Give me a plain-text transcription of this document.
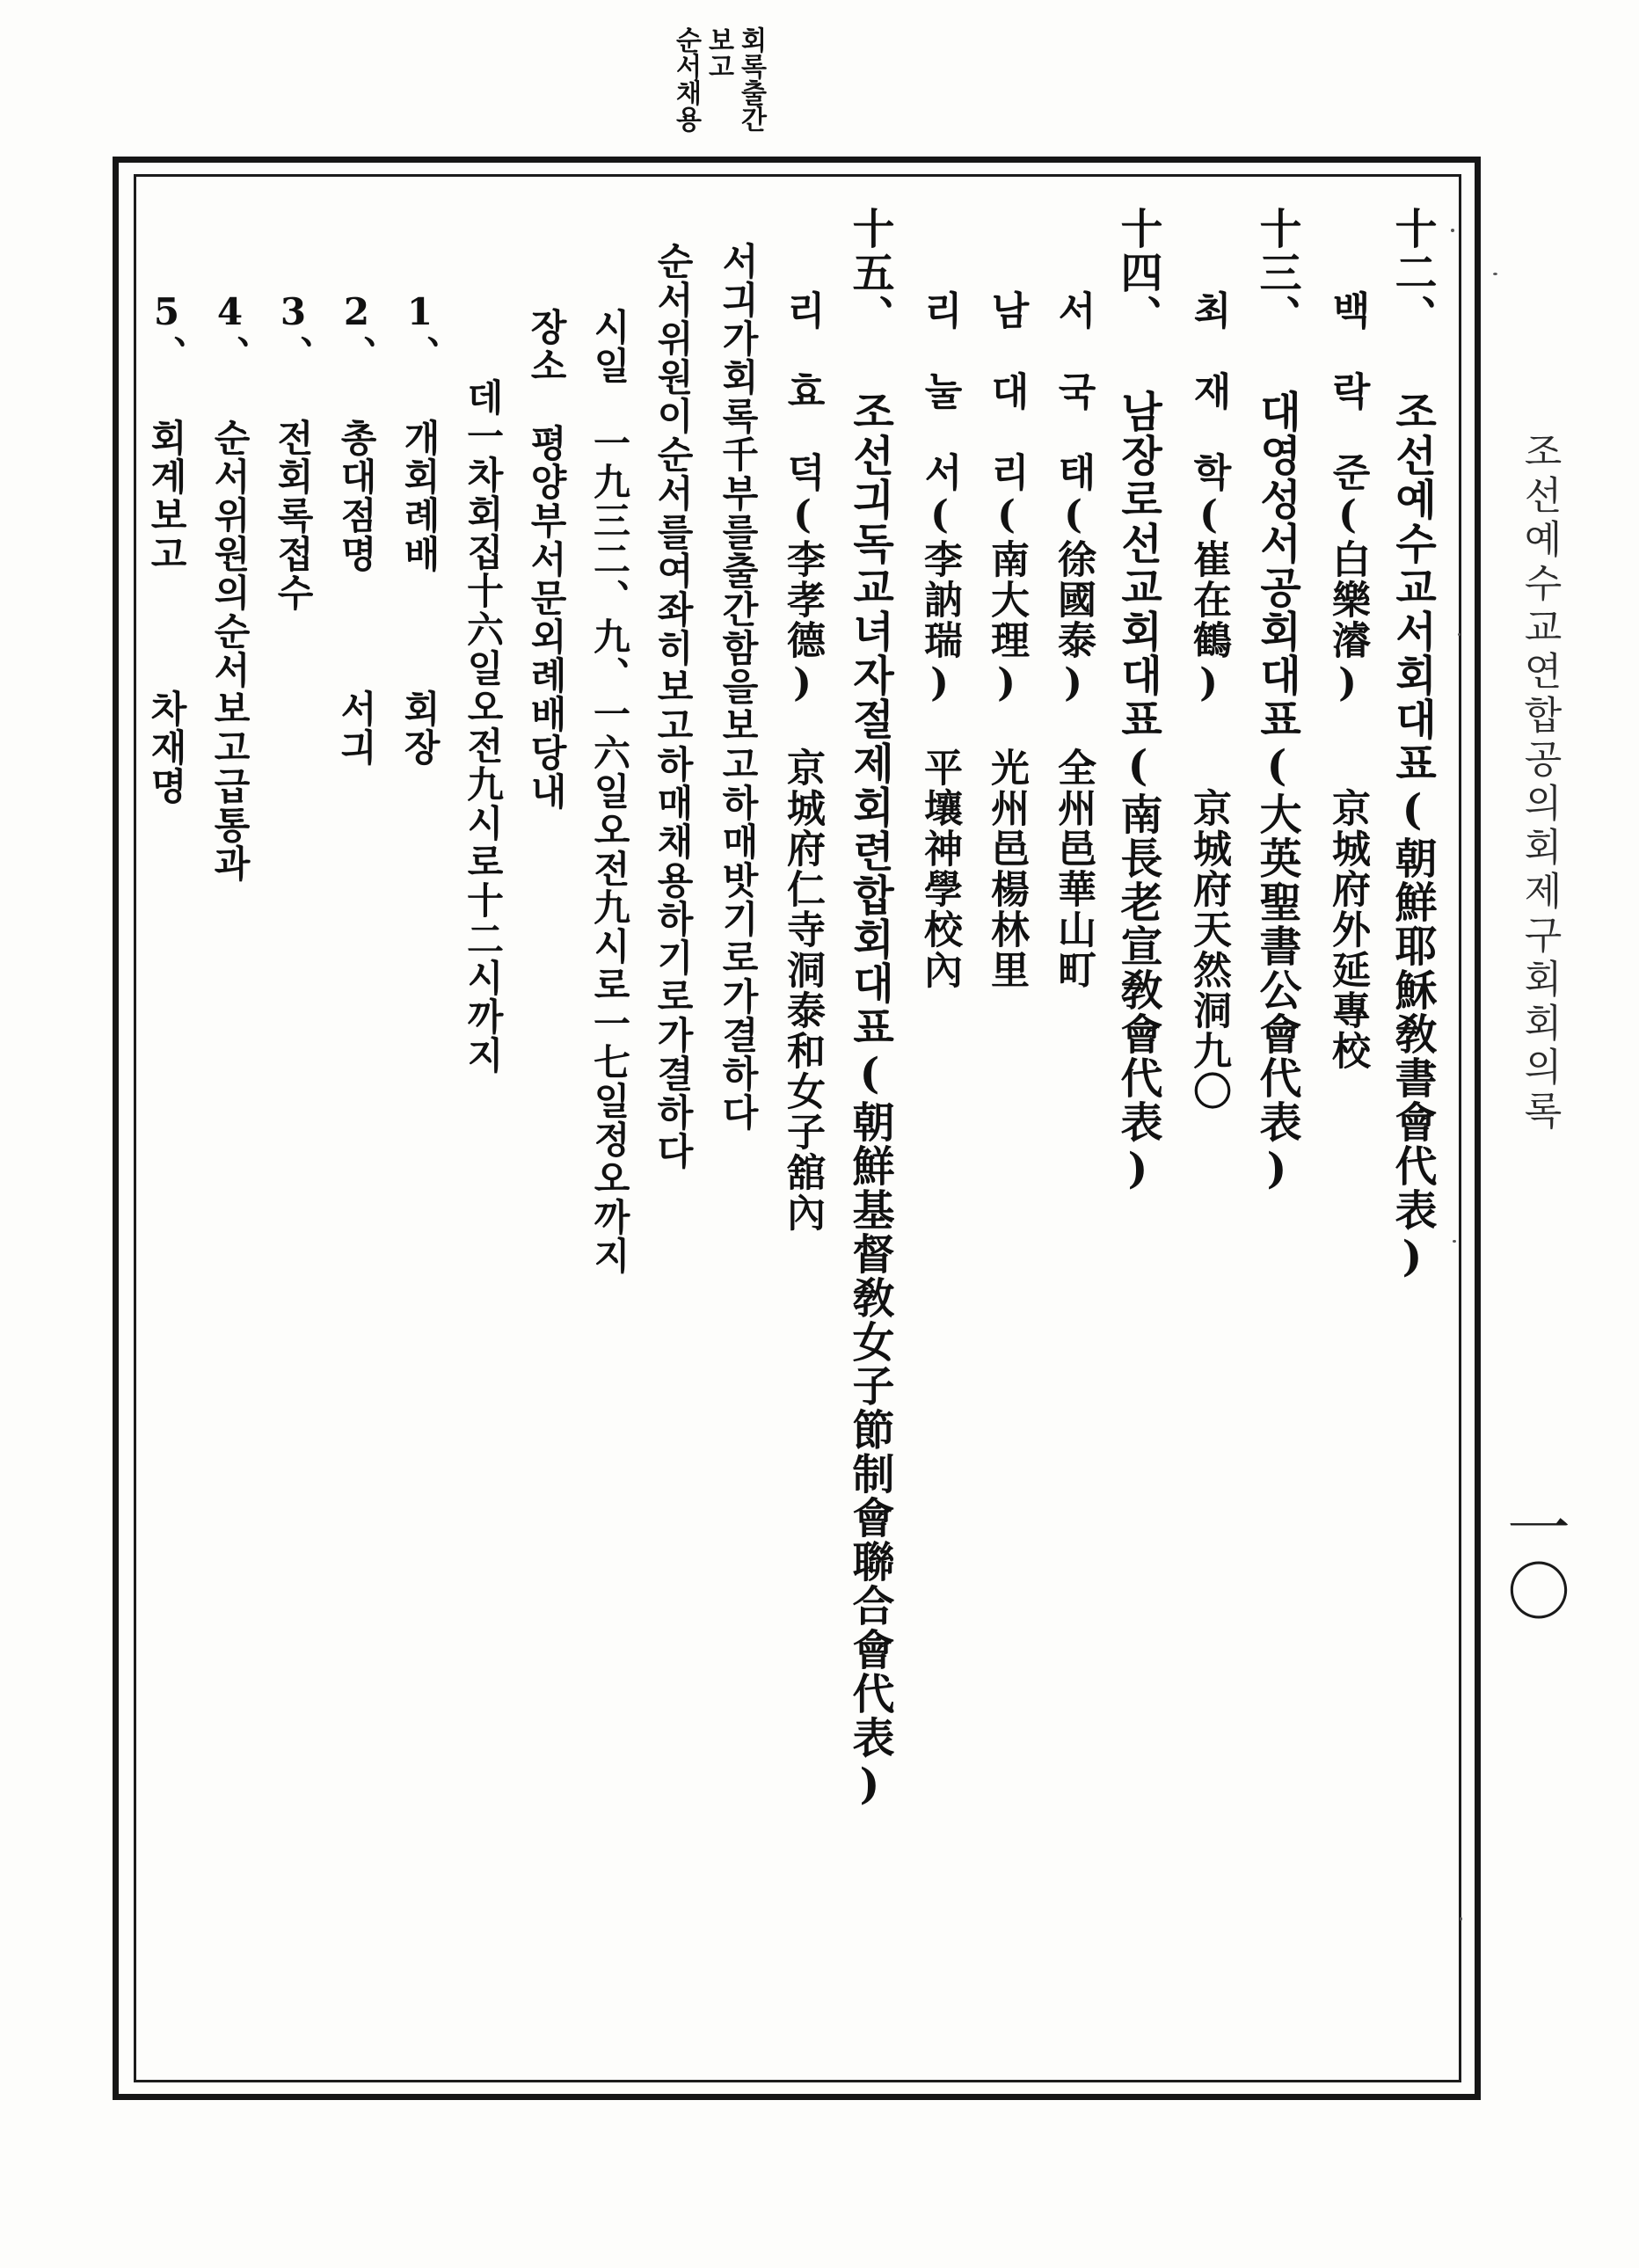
회록출간
보고
순서채용
조선예수교연합공의회제구회회의록
一〇
十二、 조선예수교서회대표(朝鮮耶穌敎書會代表)
백　락　준(白樂濬)　　京城府外延專校
十三、 대영성서공회대표(大英聖書公會代表)
최　재　학(崔在鶴)　　京城府天然洞九〇
十四、 남장로선교회대표(南長老宣敎會代表)
서　국　태(徐國泰)　全州邑華山町
남　대　리(南大理)　光州邑楊林里
리　눌　서(李訥瑞)　平壤神學校內
十五、 조선긔독교녀자절제회련합회대표(朝鮮基督敎女子節制會聯合會代表)
리　효　덕(李孝德)　京城府仁寺洞泰和女子舘內
서긔가회록千부를출간함을보고하매밧기로가결하다
순서위원이순서를여좌히보고하매채용하기로가결하다
시일　一九三二、九、一六일오전九시로一七일정오까지
장소　평양부서문외례배당내
데一차회집十六일오전九시로十二시까지
1、 개회례배　　　회장
2、 총대점명　　　서긔
3、 전회록접수
4、 순서위원의순서보고급통과
5、 회계보고　　　차재명
